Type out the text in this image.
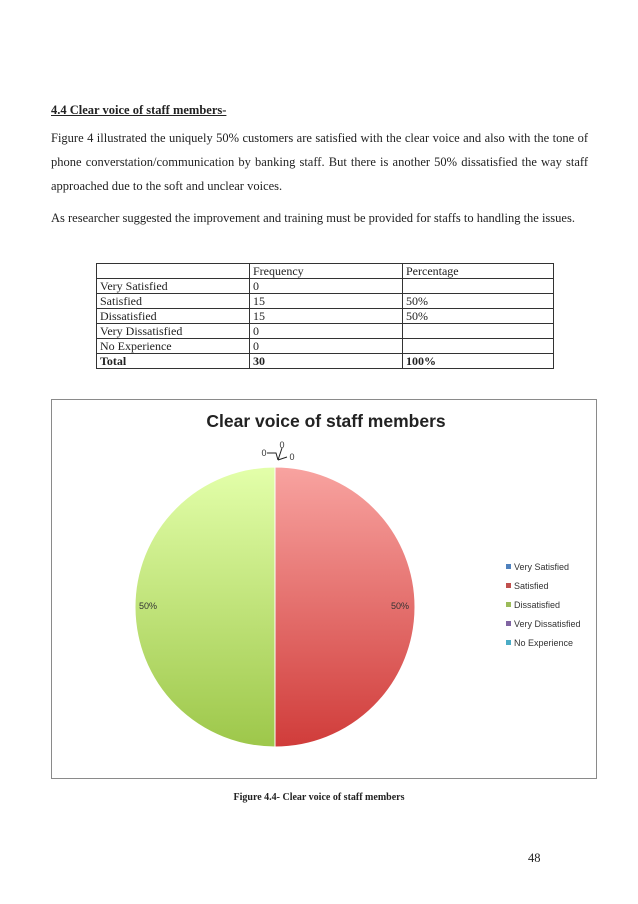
4.4 Clear voice of staff members-
Figure 4 illustrated the uniquely 50% customers are satisfied with the clear voice and also with the tone of phone converstation/communication by banking staff. But there is another 50% dissatisfied the way staff approached due to the soft and unclear voices.
As researcher suggested the improvement and training must be provided for staffs to handling the issues.
	Frequency	Percentage
Very Satisfied	0	
Satisfied	15	50%
Dissatisfied	15	50%
Very Dissatisfied	0	
No Experience	0	
Total	30	100%
Clear voice of staff members
0
50%
50%
0
0
Very Satisfied
Satisfied
Dissatisfied
Very Dissatisfied
No Experience
Figure 4.4- Clear voice of staff members
48
